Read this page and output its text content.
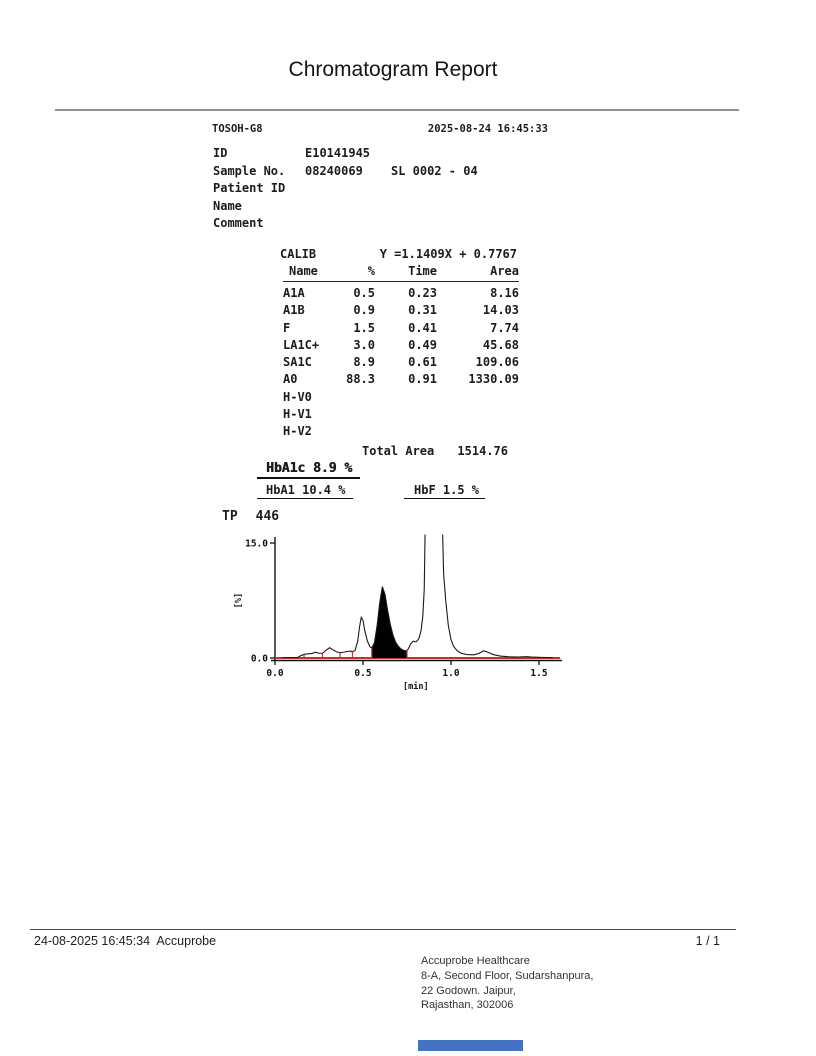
Chromatogram Report
TOSOH-G8	2025-08-24 16:45:33
ID	E10141945
Sample No.	08240069	SL 0002 - 04
Patient ID
Name
Comment
CALIB	Y =1.1409X + 0.7767
Name	%	Time	Area
A1A	0.5	0.23	8.16
A1B	0.9	0.31	14.03
F	1.5	0.41	7.74
LA1C+	3.0	0.49	45.68
SA1C	8.9	0.61	109.06
A0	88.3	0.91	1330.09
H-V0
H-V1
H-V2
Total Area 1514.76
HbA1c 8.9 %
HbA1 10.4 %	HbF 1.5 %
TP 446
15.0
0.0
0.0	0.5	1.0	1.5
[min]
[%]
24-08-2025 16:45:34  Accuprobe	1 / 1
Accuprobe Healthcare
8-A, Second Floor, Sudarshanpura,
22 Godown. Jaipur,
Rajasthan, 302006
